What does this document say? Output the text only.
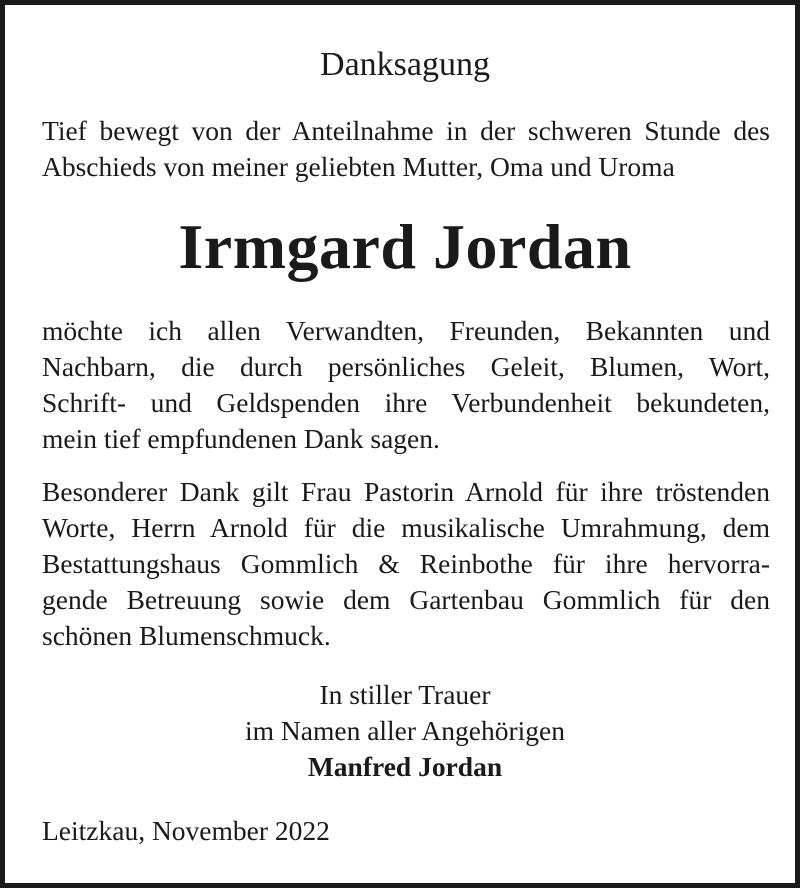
Danksagung
Tief bewegt von der Anteilnahme in der schweren Stunde des
Abschieds von meiner geliebten Mutter, Oma und Uroma
Irmgard Jordan
möchte ich allen Verwandten, Freunden, Bekannten und
Nachbarn, die durch persönliches Geleit, Blumen, Wort,
Schrift- und Geldspenden ihre Verbundenheit bekundeten,
mein tief empfundenen Dank sagen.
Besonderer Dank gilt Frau Pastorin Arnold für ihre tröstenden
Worte, Herrn Arnold für die musikalische Umrahmung, dem
Bestattungshaus Gommlich & Reinbothe für ihre hervorra-
gende Betreuung sowie dem Gartenbau Gommlich für den
schönen Blumenschmuck.
In stiller Trauer
im Namen aller Angehörigen
Manfred Jordan
Leitzkau, November 2022
